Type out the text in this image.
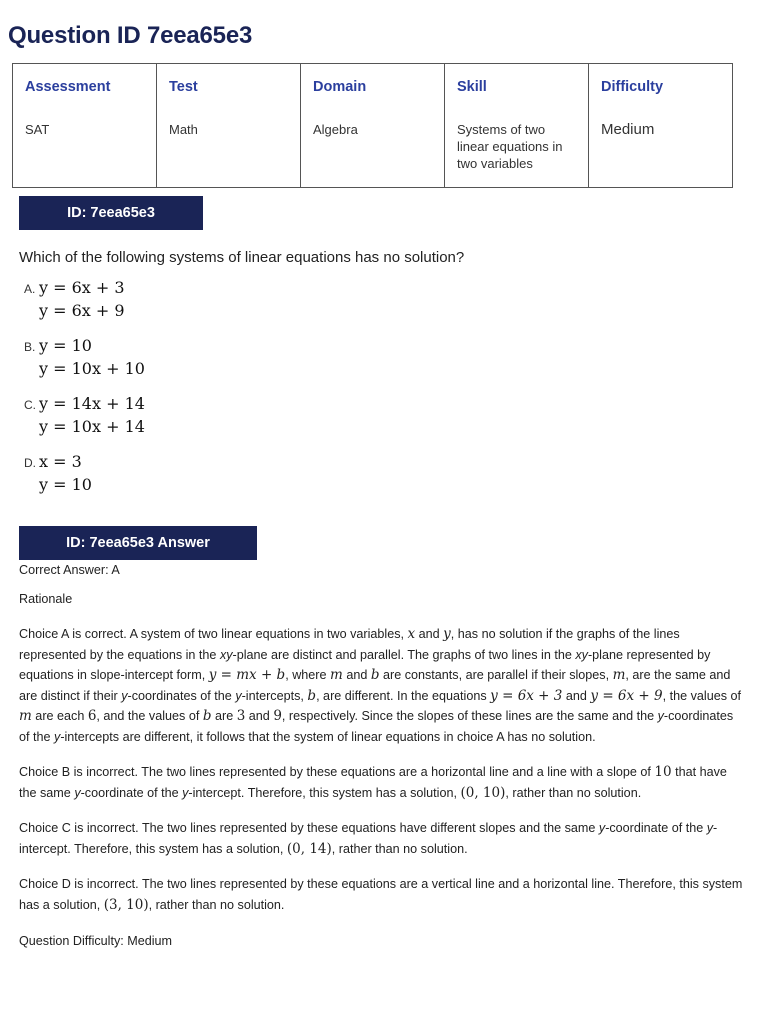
Question ID 7eea65e3
Assessment	Test	Domain	Skill	Difficulty
SAT	Math	Algebra	Systems of two linear equations in two variables	Medium
ID: 7eea65e3
Which of the following systems of linear equations has no solution?
A. y = 6x + 3
y = 6x + 9
B. y = 10
y = 10x + 10
C. y = 14x + 14
y = 10x + 14
D. x = 3
y = 10
ID: 7eea65e3 Answer
Correct Answer: A
Rationale
Choice A is correct. A system of two linear equations in two variables, x and y, has no solution if the graphs of the lines represented by the equations in the xy-plane are distinct and parallel. The graphs of two lines in the xy-plane represented by equations in slope-intercept form, y = mx + b, where m and b are constants, are parallel if their slopes, m, are the same and are distinct if their y-coordinates of the y-intercepts, b, are different. In the equations y = 6x + 3 and y = 6x + 9, the values of m are each 6, and the values of b are 3 and 9, respectively. Since the slopes of these lines are the same and the y-coordinates of the y-intercepts are different, it follows that the system of linear equations in choice A has no solution.
Choice B is incorrect. The two lines represented by these equations are a horizontal line and a line with a slope of 10 that have the same y-coordinate of the y-intercept. Therefore, this system has a solution, (0, 10), rather than no solution.
Choice C is incorrect. The two lines represented by these equations have different slopes and the same y-coordinate of the y-intercept. Therefore, this system has a solution, (0, 14), rather than no solution.
Choice D is incorrect. The two lines represented by these equations are a vertical line and a horizontal line. Therefore, this system has a solution, (3, 10), rather than no solution.
Question Difficulty: Medium
